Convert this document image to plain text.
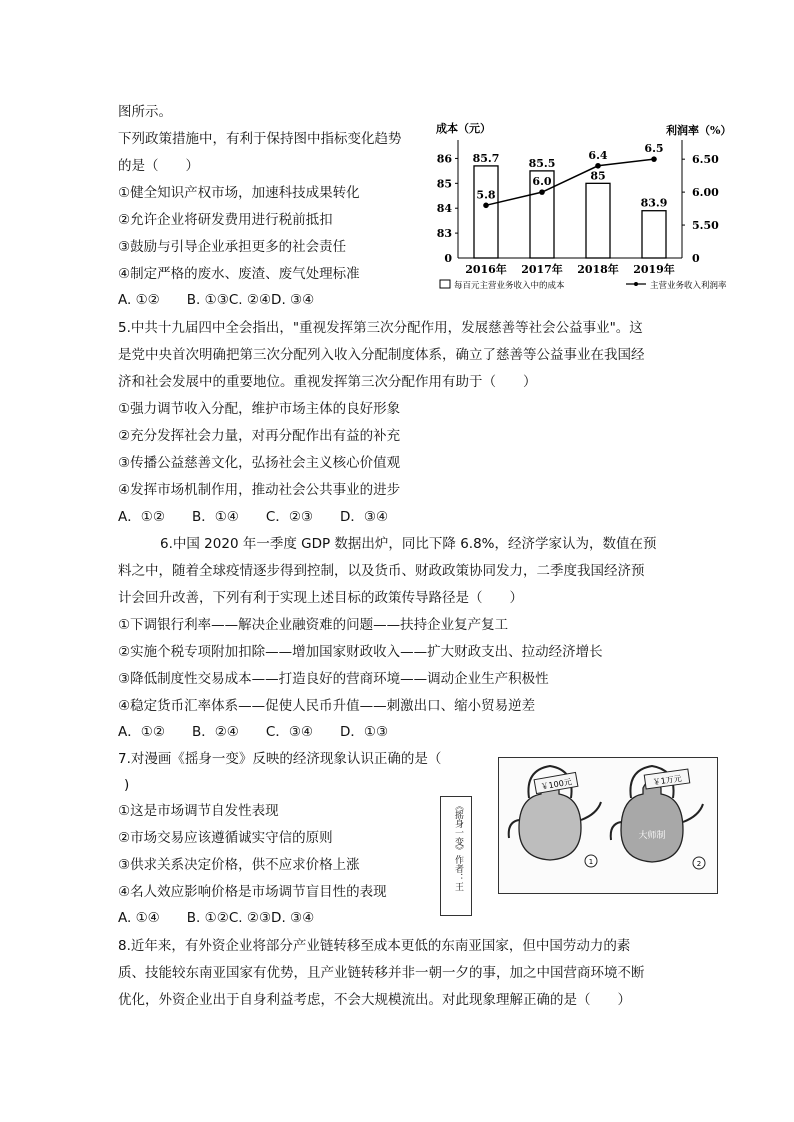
图所示。
下列政策措施中，有利于保持图中指标变化趋势
的是（　　）
①健全知识产权市场，加速科技成果转化
②允许企业将研发费用进行税前抵扣
③鼓励与引导企业承担更多的社会责任
④制定严格的废水、废渣、废气处理标准
A. ①②　　B. ①③C. ②④D. ③④
成本（元）	利润率（%）
86
85
84
83
0
6.50
6.00
5.50
0
85.7
2016年
85.5
2017年
85
2018年
83.9
2019年
5.8
6.0
6.4
6.5
每百元主营业务收入中的成本	主营业务收入利润率
5.中共十九届四中全会指出，"重视发挥第三次分配作用，发展慈善等社会公益事业"。这
是党中央首次明确把第三次分配列入收入分配制度体系，确立了慈善等公益事业在我国经
济和社会发展中的重要地位。重视发挥第三次分配作用有助于（　　）
①强力调节收入分配，维护市场主体的良好形象
②充分发挥社会力量，对再分配作出有益的补充
③传播公益慈善文化，弘扬社会主义核心价值观
④发挥市场机制作用，推动社会公共事业的进步
A．①②　　B．①④　　C．②③　　D．③④
6.中国 2020 年一季度 GDP 数据出炉，同比下降 6.8%，经济学家认为，数值在预
料之中，随着全球疫情逐步得到控制，以及货币、财政政策协同发力，二季度我国经济预
计会回升改善，下列有利于实现上述目标的政策传导路径是（　　）
①下调银行利率——解决企业融资难的问题——扶持企业复产复工
②实施个税专项附加扣除——增加国家财政收入——扩大财政支出、拉动经济增长
③降低制度性交易成本——打造良好的营商环境——调动企业生产积极性
④稳定货币汇率体系——促使人民币升值——刺激出口、缩小贸易逆差
A．①②　　B．②④　　C．③④　　D．①③
7.对漫画《摇身一变》反映的经济现象认识正确的是（
)
①这是市场调节自发性表现
②市场交易应该遵循诚实守信的原则
③供求关系决定价格，供不应求价格上涨
④名人效应影响价格是市场调节盲目性的表现
A. ①④　　B. ①②C. ②③D. ③④
《摇身一变》作者：王
￥100元
1
￥1万元
大师制
2
8.近年来，有外资企业将部分产业链转移至成本更低的东南亚国家，但中国劳动力的素
质、技能较东南亚国家有优势，且产业链转移并非一朝一夕的事，加之中国营商环境不断
优化，外资企业出于自身利益考虑，不会大规模流出。对此现象理解正确的是（　　）
